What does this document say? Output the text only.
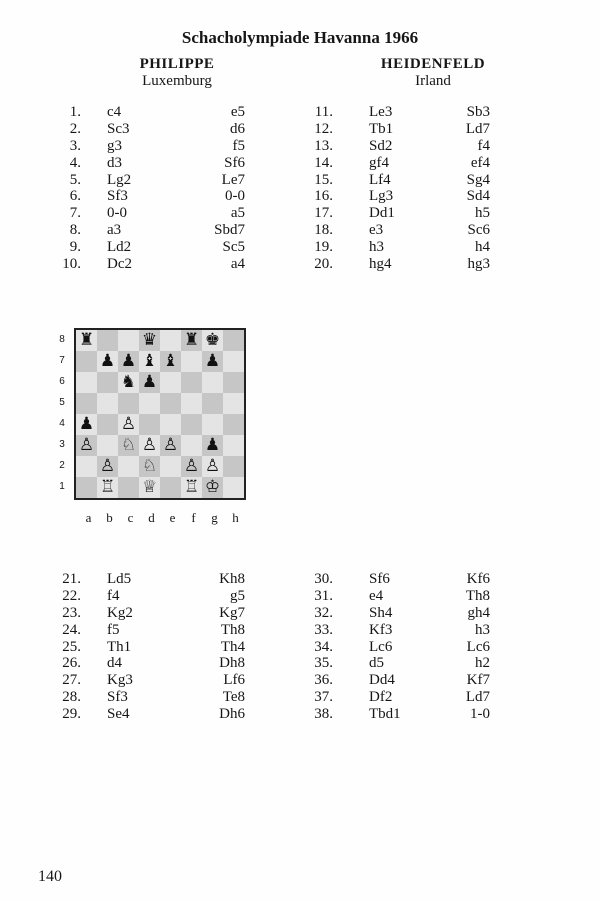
Schacholympiade Havanna 1966
PHILIPPE
Luxemburg
HEIDENFELD
Irland
1. c4	e5
2. Sc3	d6
3. g3	f5
4. d3	Sf6
5. Lg2	Le7
6. Sf3	0-0
7. 0-0	a5
8. a3	Sbd7
9. Ld2	Sc5
10. Dc2	a4
11. Le3	Sb3
12. Tb1	Ld7
13. Sd2	f4
14. gf4	ef4
15. Lf4	Sg4
16. Lg3	Sd4
17. Dd1	h5
18. e3	Sc6
19. h3	h4
20. hg4	hg3
8
7
6
5
4
3
2
1
♜	♛ ♜ ♚
♟ ♟ ♝ ♝ ♟
♞ ♟
♟ ♙
♙ ♘ ♙ ♙ ♟
♙ ♘ ♙ ♙
♖ ♕ ♖ ♔
a	b	c	d	e	f	g	h
21. Ld5	Kh8
22. f4	g5
23. Kg2	Kg7
24. f5	Th8
25. Th1	Th4
26. d4	Dh8
27. Kg3	Lf6
28. Sf3	Te8
29. Se4	Dh6
30. Sf6	Kf6
31. e4	Th8
32. Sh4	gh4
33. Kf3	h3
34. Lc6	Lc6
35. d5	h2
36. Dd4	Kf7
37. Df2	Ld7
38. Tbd1	1-0
140
